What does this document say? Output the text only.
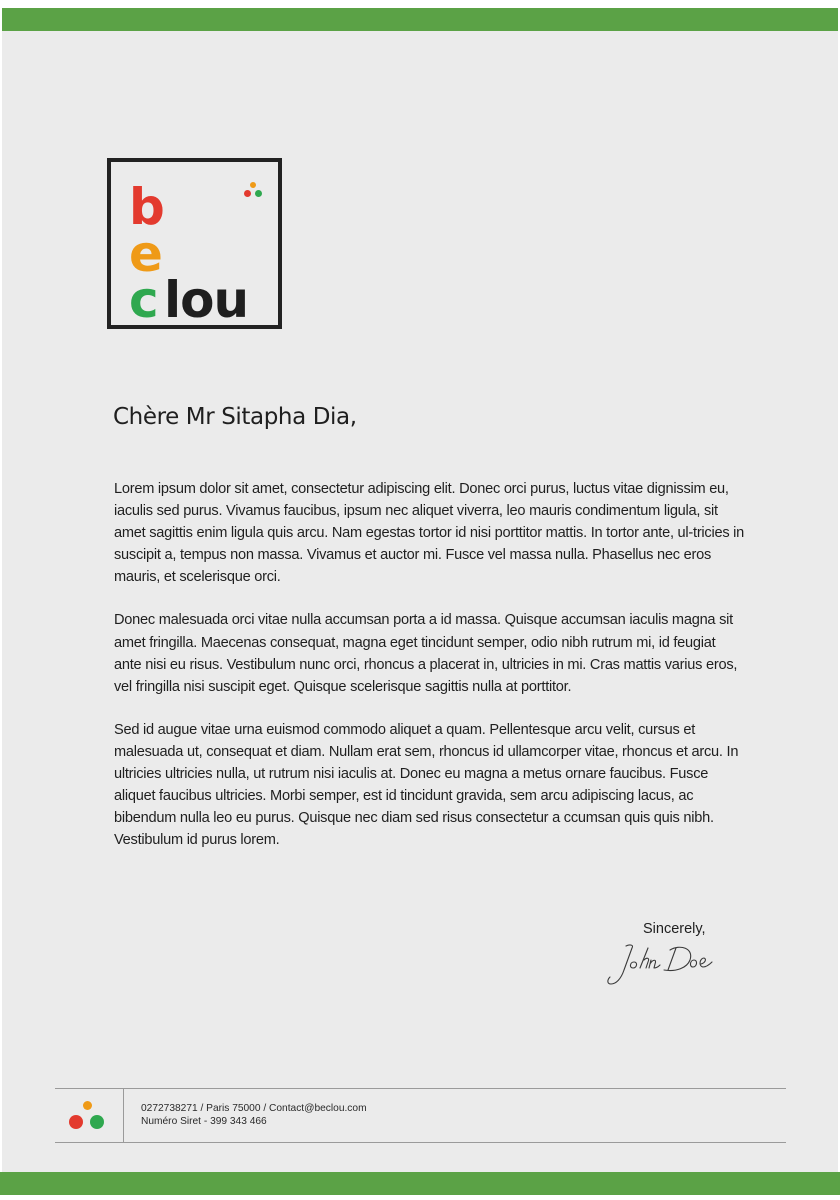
b
e
c lou
Chère Mr Sitapha Dia,

Lorem ipsum dolor sit amet, consectetur adipiscing elit. Donec orci purus, luctus vitae dignissim eu, iaculis sed purus. Vivamus faucibus, ipsum nec aliquet viverra, leo mauris condimentum ligula, sit amet sagittis enim ligula quis arcu. Nam egestas tortor id nisi porttitor mattis. In tortor ante, ul-tricies in suscipit a, tempus non massa. Vivamus et auctor mi. Fusce vel massa nulla. Phasellus nec eros mauris, et scelerisque orci.

Donec malesuada orci vitae nulla accumsan porta a id massa. Quisque accumsan iaculis magna sit amet fringilla. Maecenas consequat, magna eget tincidunt semper, odio nibh rutrum mi, id feugiat ante nisi eu risus. Vestibulum nunc orci, rhoncus a placerat in, ultricies in mi. Cras mattis varius eros, vel fringilla nisi suscipit eget. Quisque scelerisque sagittis nulla at porttitor.

Sed id augue vitae urna euismod commodo aliquet a quam. Pellentesque arcu velit, cursus et malesuada ut, consequat et diam. Nullam erat sem, rhoncus id ullamcorper vitae, rhoncus et arcu. In ultricies ultricies nulla, ut rutrum nisi iaculis at. Donec eu magna a metus ornare faucibus. Fusce aliquet faucibus ultricies. Morbi semper, est id tincidunt gravida, sem arcu adipiscing lacus, ac bibendum nulla leo eu purus. Quisque nec diam sed risus consectetur a ccumsan quis quis nibh. Vestibulum id purus lorem.

Sincerely,

0272738271 / Paris 75000 / Contact@beclou.com
Numéro Siret - 399 343 466
